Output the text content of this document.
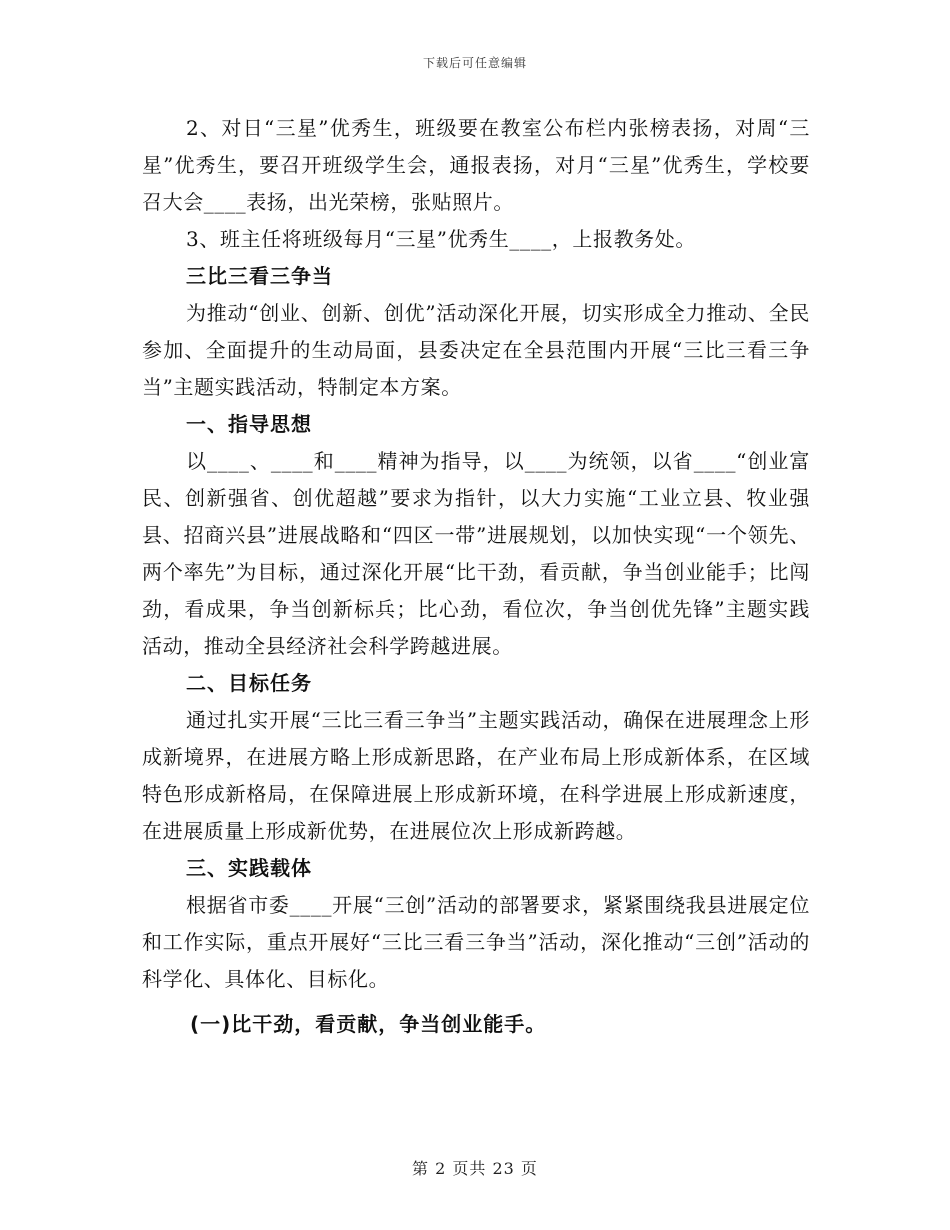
下载后可任意编辑

2、对日“三星”优秀生，班级要在教室公布栏内张榜表扬，对周“三星”优秀生，要召开班级学生会，通报表扬，对月“三星”优秀生，学校要召大会____表扬，出光荣榜，张贴照片。

3、班主任将班级每月“三星”优秀生____，上报教务处。

三比三看三争当

为推动“创业、创新、创优”活动深化开展，切实形成全力推动、全民参加、全面提升的生动局面，县委决定在全县范围内开展“三比三看三争当”主题实践活动，特制定本方案。

一、指导思想

以____、____和____精神为指导，以____为统领，以省____“创业富民、创新强省、创优超越”要求为指针，以大力实施“工业立县、牧业强县、招商兴县”进展战略和“四区一带”进展规划，以加快实现“一个领先、两个率先”为目标，通过深化开展“比干劲，看贡献，争当创业能手；比闯劲，看成果，争当创新标兵；比心劲，看位次，争当创优先锋”主题实践活动，推动全县经济社会科学跨越进展。

二、目标任务

通过扎实开展“三比三看三争当”主题实践活动，确保在进展理念上形成新境界，在进展方略上形成新思路，在产业布局上形成新体系，在区域特色形成新格局，在保障进展上形成新环境，在科学进展上形成新速度，在进展质量上形成新优势，在进展位次上形成新跨越。

三、实践载体

根据省市委____开展“三创”活动的部署要求，紧紧围绕我县进展定位和工作实际，重点开展好“三比三看三争当”活动，深化推动“三创”活动的科学化、具体化、目标化。

(一)比干劲，看贡献，争当创业能手。

第 2 页共 23 页
